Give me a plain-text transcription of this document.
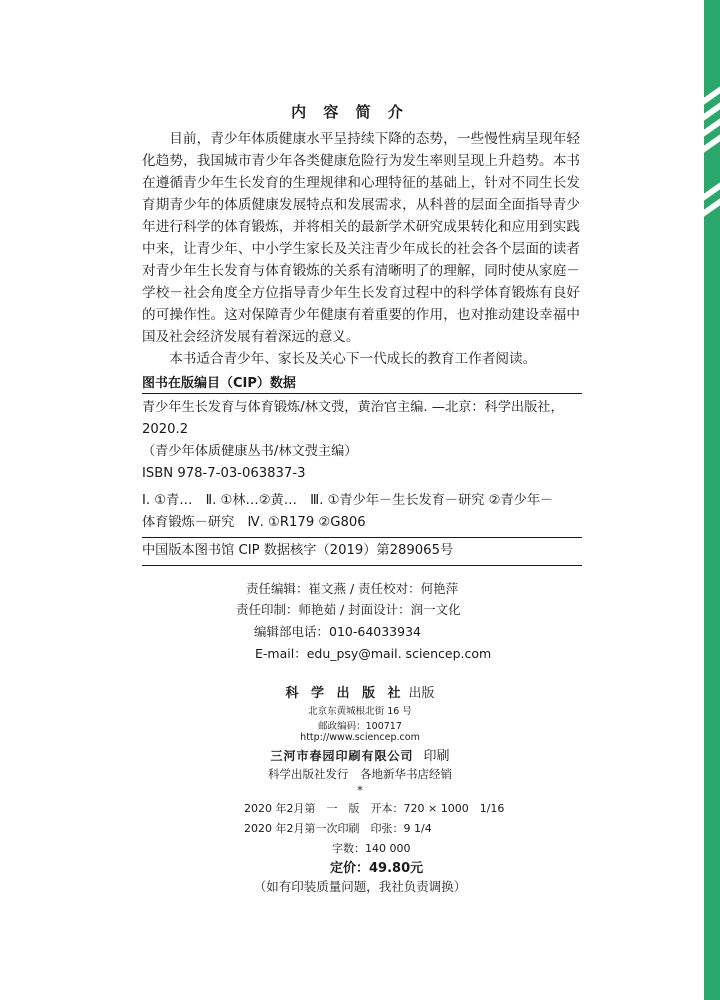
内 容 简 介

目前，青少年体质健康水平呈持续下降的态势，一些慢性病呈现年轻化趋势，我国城市青少年各类健康危险行为发生率则呈现上升趋势。本书在遵循青少年生长发育的生理规律和心理特征的基础上，针对不同生长发育期青少年的体质健康发展特点和发展需求，从科普的层面全面指导青少年进行科学的体育锻炼，并将相关的最新学术研究成果转化和应用到实践中来，让青少年、中小学生家长及关注青少年成长的社会各个层面的读者对青少年生长发育与体育锻炼的关系有清晰明了的理解，同时使从家庭－学校－社会角度全方位指导青少年生长发育过程中的科学体育锻炼有良好的可操作性。这对保障青少年健康有着重要的作用，也对推动建设幸福中国及社会经济发展有着深远的意义。

本书适合青少年、家长及关心下一代成长的教育工作者阅读。

图书在版编目（CIP）数据
青少年生长发育与体育锻炼/林文弢，黄治官主编. —北京：科学出版社，
2020.2
（青少年体质健康丛书/林文弢主编）
ISBN 978-7-03-063837-3
Ⅰ. ①青…　Ⅱ. ①林…②黄…　Ⅲ. ①青少年－生长发育－研究 ②青少年－
体育锻炼－研究　Ⅳ. ①R179 ②G806
中国版本图书馆 CIP 数据核字（2019）第289065号
责任编辑：崔文燕 / 责任校对：何艳萍
责任印制：师艳茹 / 封面设计：润一文化
编辑部电话：010-64033934
E-mail：edu_psy@mail. sciencep.com
科 学 出 版 社 出版
北京东黄城根北街 16 号
邮政编码：100717
http://www.sciencep.com
三河市春园印刷有限公司 印刷
科学出版社发行　各地新华书店经销
*
2020 年2月第　一　版　开本：720 × 1000　1/16
2020 年2月第一次印刷　印张：9 1/4
字数：140 000
定价：49.80元
（如有印装质量问题，我社负责调换）
